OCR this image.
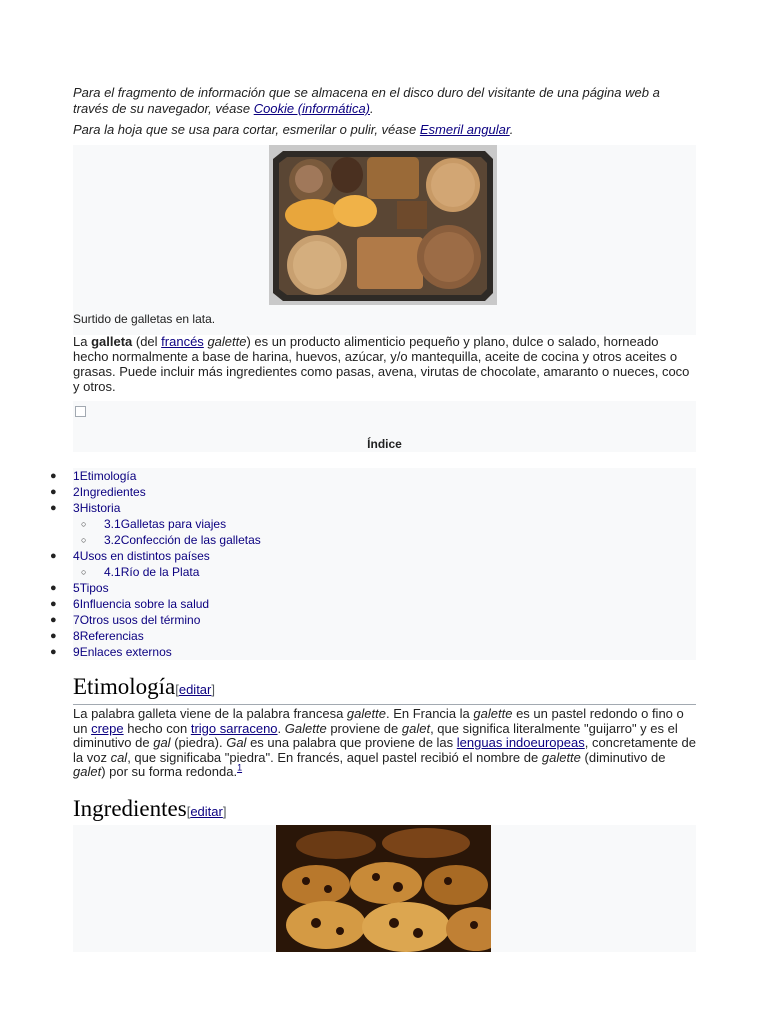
Para el fragmento de información que se almacena en el disco duro del visitante de una página web a través de su navegador, véase Cookie (informática).

Para la hoja que se usa para cortar, esmerilar o pulir, véase Esmeril angular.

Surtido de galletas en lata.

La galleta (del francés galette) es un producto alimenticio pequeño y plano, dulce o salado, horneado hecho normalmente a base de harina, huevos, azúcar, y/o mantequilla, aceite de cocina y otros aceites o grasas. Puede incluir más ingredientes como pasas, avena, virutas de chocolate, amaranto o nueces, coco y otros.

Índice
● 1Etimología
● 2Ingredientes
● 3Historia
○ 3.1Galletas para viajes
○ 3.2Confección de las galletas
● 4Usos en distintos países
○ 4.1Río de la Plata
● 5Tipos
● 6Influencia sobre la salud
● 7Otros usos del término
● 8Referencias
● 9Enlaces externos
Etimología[editar]

La palabra galleta viene de la palabra francesa galette. En Francia la galette es un pastel redondo o fino o un crepe hecho con trigo sarraceno. Galette proviene de galet, que significa literalmente "guijarro" y es el diminutivo de gal (piedra). Gal es una palabra que proviene de las lenguas indoeuropeas, concretamente de la voz cal, que significaba "piedra". En francés, aquel pastel recibió el nombre de galette (diminutivo de galet) por su forma redonda.$^1$

Ingredientes[editar]
